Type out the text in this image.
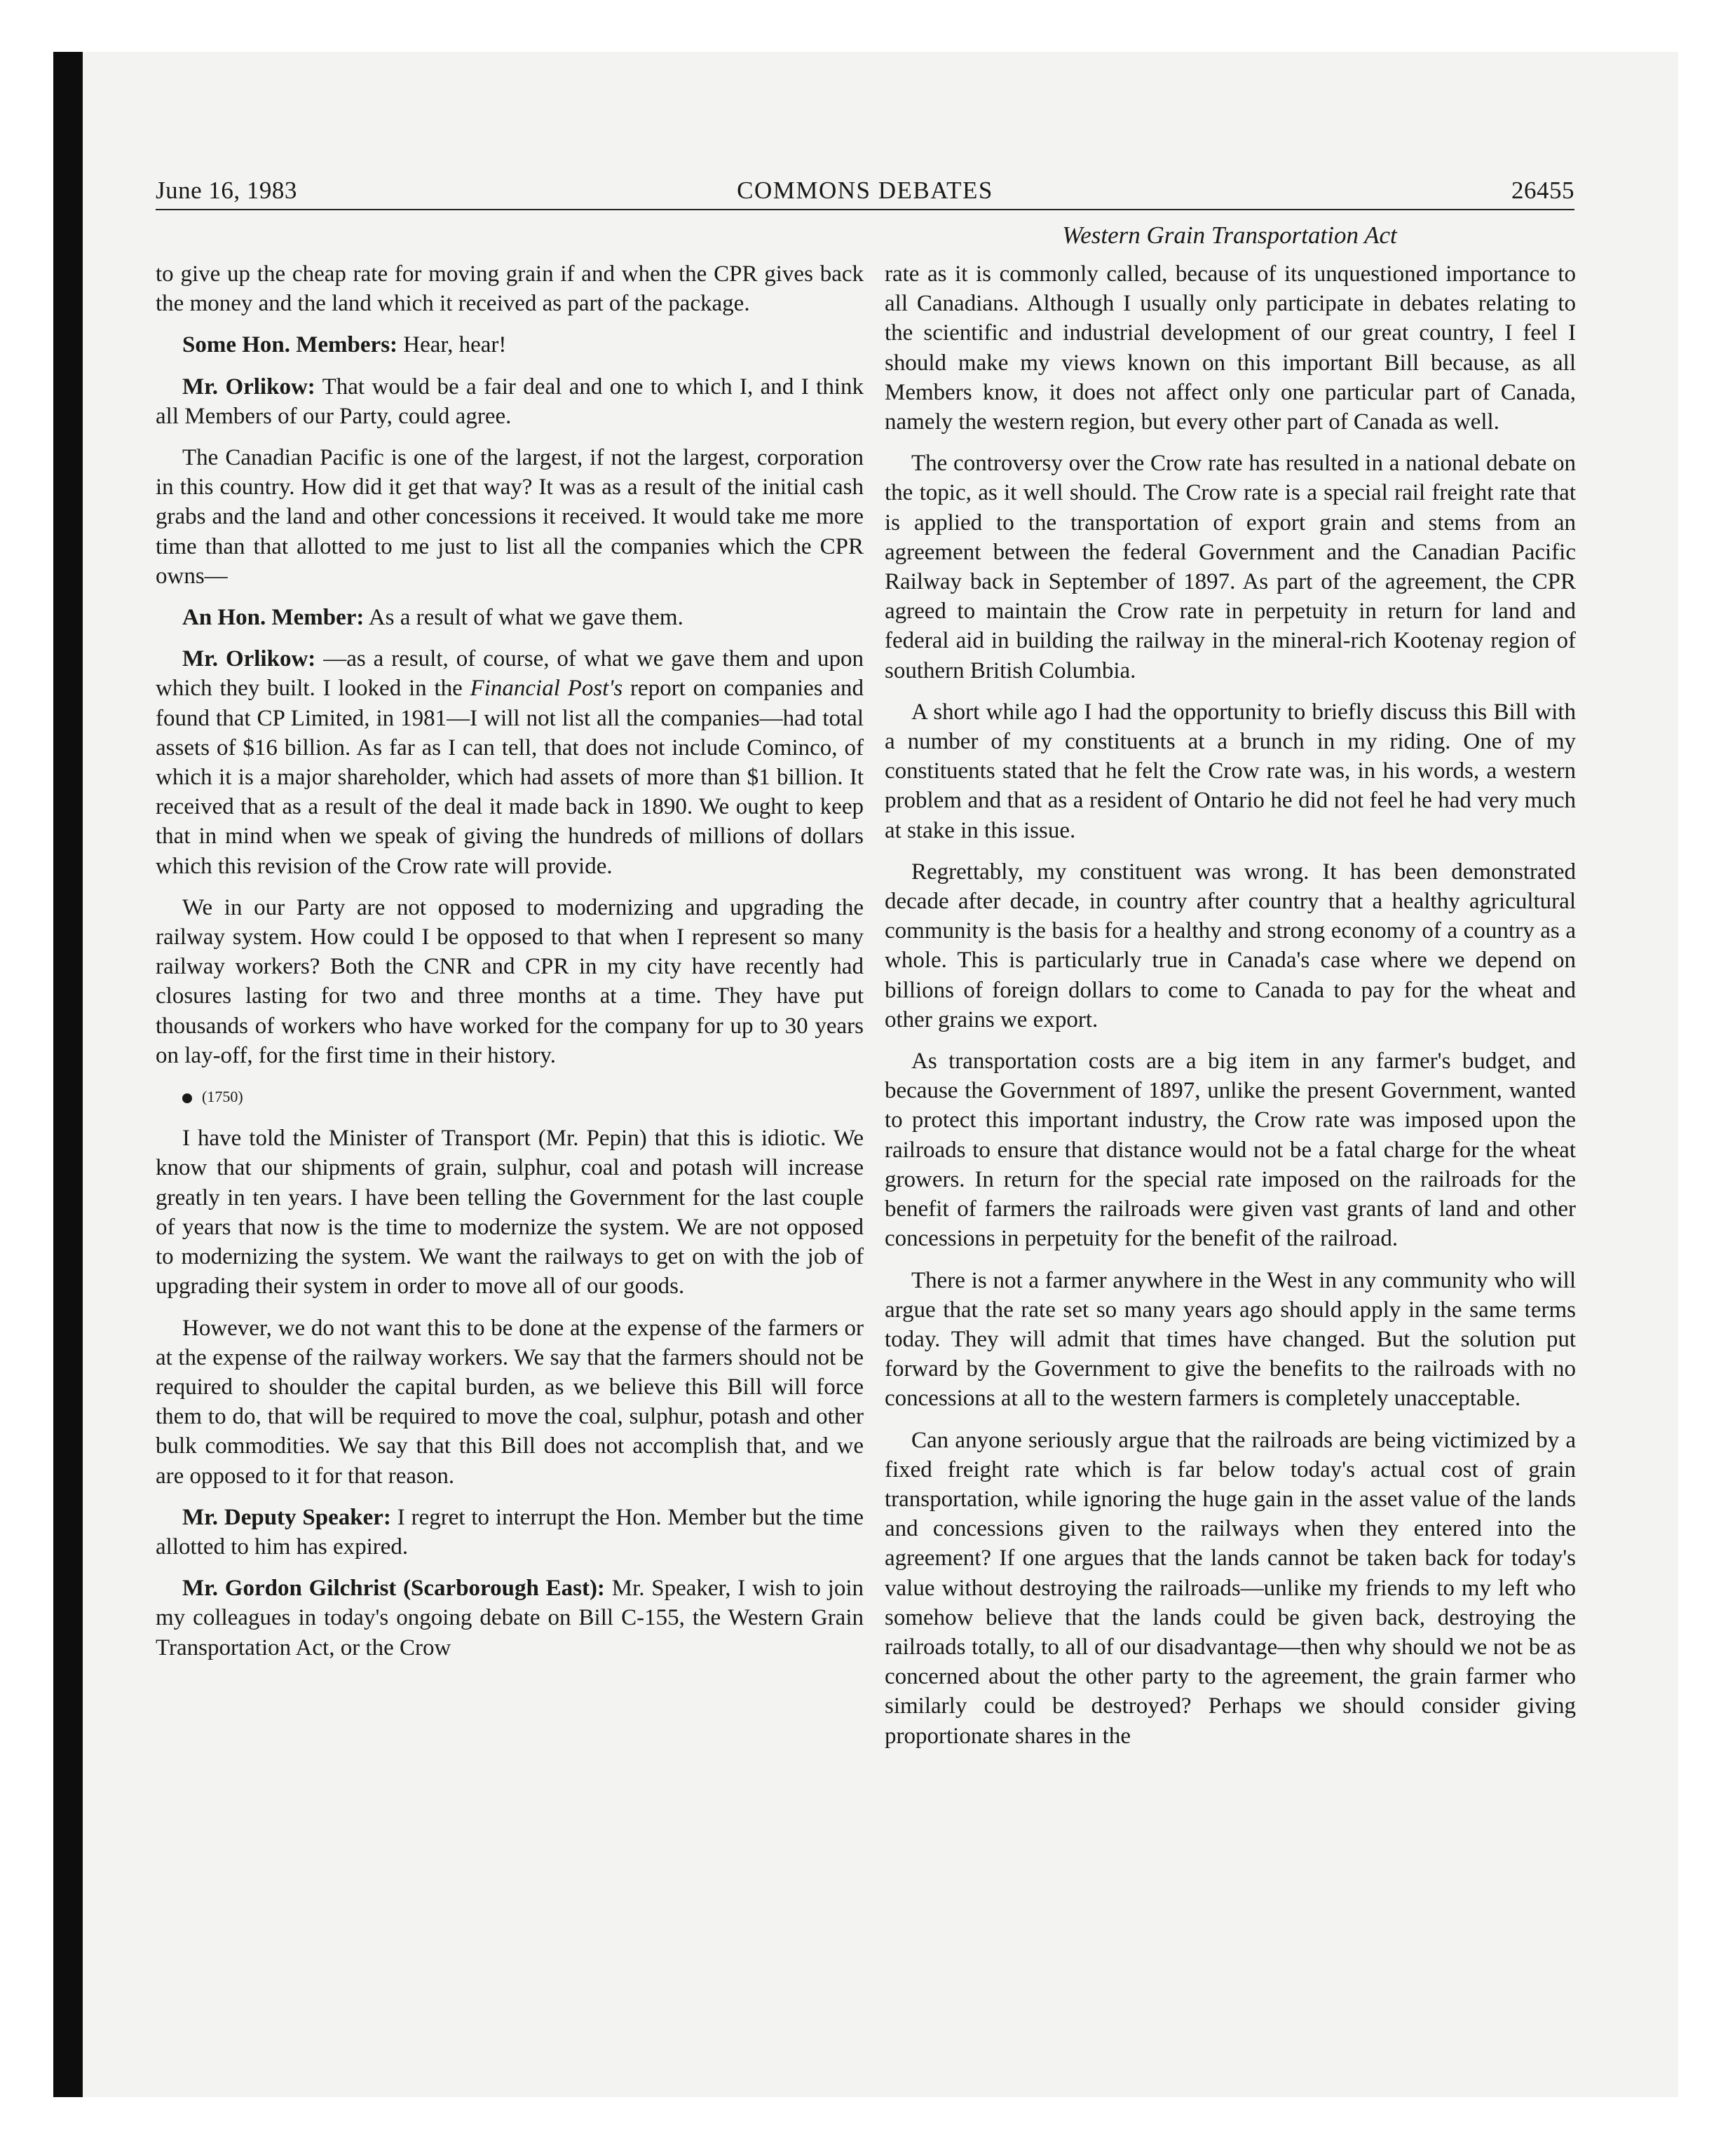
June 16, 1983	COMMONS DEBATES	26455
Western Grain Transportation Act

to give up the cheap rate for moving grain if and when the CPR gives back the money and the land which it received as part of the package.

Some Hon. Members: Hear, hear!

Mr. Orlikow: That would be a fair deal and one to which I, and I think all Members of our Party, could agree.

The Canadian Pacific is one of the largest, if not the largest, corporation in this country. How did it get that way? It was as a result of the initial cash grabs and the land and other concessions it received. It would take me more time than that allotted to me just to list all the companies which the CPR owns—

An Hon. Member: As a result of what we gave them.

Mr. Orlikow: —as a result, of course, of what we gave them and upon which they built. I looked in the Financial Post's report on companies and found that CP Limited, in 1981—I will not list all the companies—had total assets of $16 billion. As far as I can tell, that does not include Cominco, of which it is a major shareholder, which had assets of more than $1 billion. It received that as a result of the deal it made back in 1890. We ought to keep that in mind when we speak of giving the hundreds of millions of dollars which this revision of the Crow rate will provide.

We in our Party are not opposed to modernizing and upgrading the railway system. How could I be opposed to that when I represent so many railway workers? Both the CNR and CPR in my city have recently had closures lasting for two and three months at a time. They have put thousands of workers who have worked for the company for up to 30 years on lay-off, for the first time in their history.

(1750)

I have told the Minister of Transport (Mr. Pepin) that this is idiotic. We know that our shipments of grain, sulphur, coal and potash will increase greatly in ten years. I have been telling the Government for the last couple of years that now is the time to modernize the system. We are not opposed to modernizing the system. We want the railways to get on with the job of upgrading their system in order to move all of our goods.

However, we do not want this to be done at the expense of the farmers or at the expense of the railway workers. We say that the farmers should not be required to shoulder the capital burden, as we believe this Bill will force them to do, that will be required to move the coal, sulphur, potash and other bulk commodities. We say that this Bill does not accomplish that, and we are opposed to it for that reason.

Mr. Deputy Speaker: I regret to interrupt the Hon. Member but the time allotted to him has expired.

Mr. Gordon Gilchrist (Scarborough East): Mr. Speaker, I wish to join my colleagues in today's ongoing debate on Bill C-155, the Western Grain Transportation Act, or the Crow

rate as it is commonly called, because of its unquestioned importance to all Canadians. Although I usually only participate in debates relating to the scientific and industrial development of our great country, I feel I should make my views known on this important Bill because, as all Members know, it does not affect only one particular part of Canada, namely the western region, but every other part of Canada as well.

The controversy over the Crow rate has resulted in a national debate on the topic, as it well should. The Crow rate is a special rail freight rate that is applied to the transportation of export grain and stems from an agreement between the federal Government and the Canadian Pacific Railway back in September of 1897. As part of the agreement, the CPR agreed to maintain the Crow rate in perpetuity in return for land and federal aid in building the railway in the mineral-rich Kootenay region of southern British Columbia.

A short while ago I had the opportunity to briefly discuss this Bill with a number of my constituents at a brunch in my riding. One of my constituents stated that he felt the Crow rate was, in his words, a western problem and that as a resident of Ontario he did not feel he had very much at stake in this issue.

Regrettably, my constituent was wrong. It has been demonstrated decade after decade, in country after country that a healthy agricultural community is the basis for a healthy and strong economy of a country as a whole. This is particularly true in Canada's case where we depend on billions of foreign dollars to come to Canada to pay for the wheat and other grains we export.

As transportation costs are a big item in any farmer's budget, and because the Government of 1897, unlike the present Government, wanted to protect this important industry, the Crow rate was imposed upon the railroads to ensure that distance would not be a fatal charge for the wheat growers. In return for the special rate imposed on the railroads for the benefit of farmers the railroads were given vast grants of land and other concessions in perpetuity for the benefit of the railroad.

There is not a farmer anywhere in the West in any community who will argue that the rate set so many years ago should apply in the same terms today. They will admit that times have changed. But the solution put forward by the Government to give the benefits to the railroads with no concessions at all to the western farmers is completely unacceptable.

Can anyone seriously argue that the railroads are being victimized by a fixed freight rate which is far below today's actual cost of grain transportation, while ignoring the huge gain in the asset value of the lands and concessions given to the railways when they entered into the agreement? If one argues that the lands cannot be taken back for today's value without destroying the railroads—unlike my friends to my left who somehow believe that the lands could be given back, destroying the railroads totally, to all of our disadvantage—then why should we not be as concerned about the other party to the agreement, the grain farmer who similarly could be destroyed? Perhaps we should consider giving proportionate shares in the
